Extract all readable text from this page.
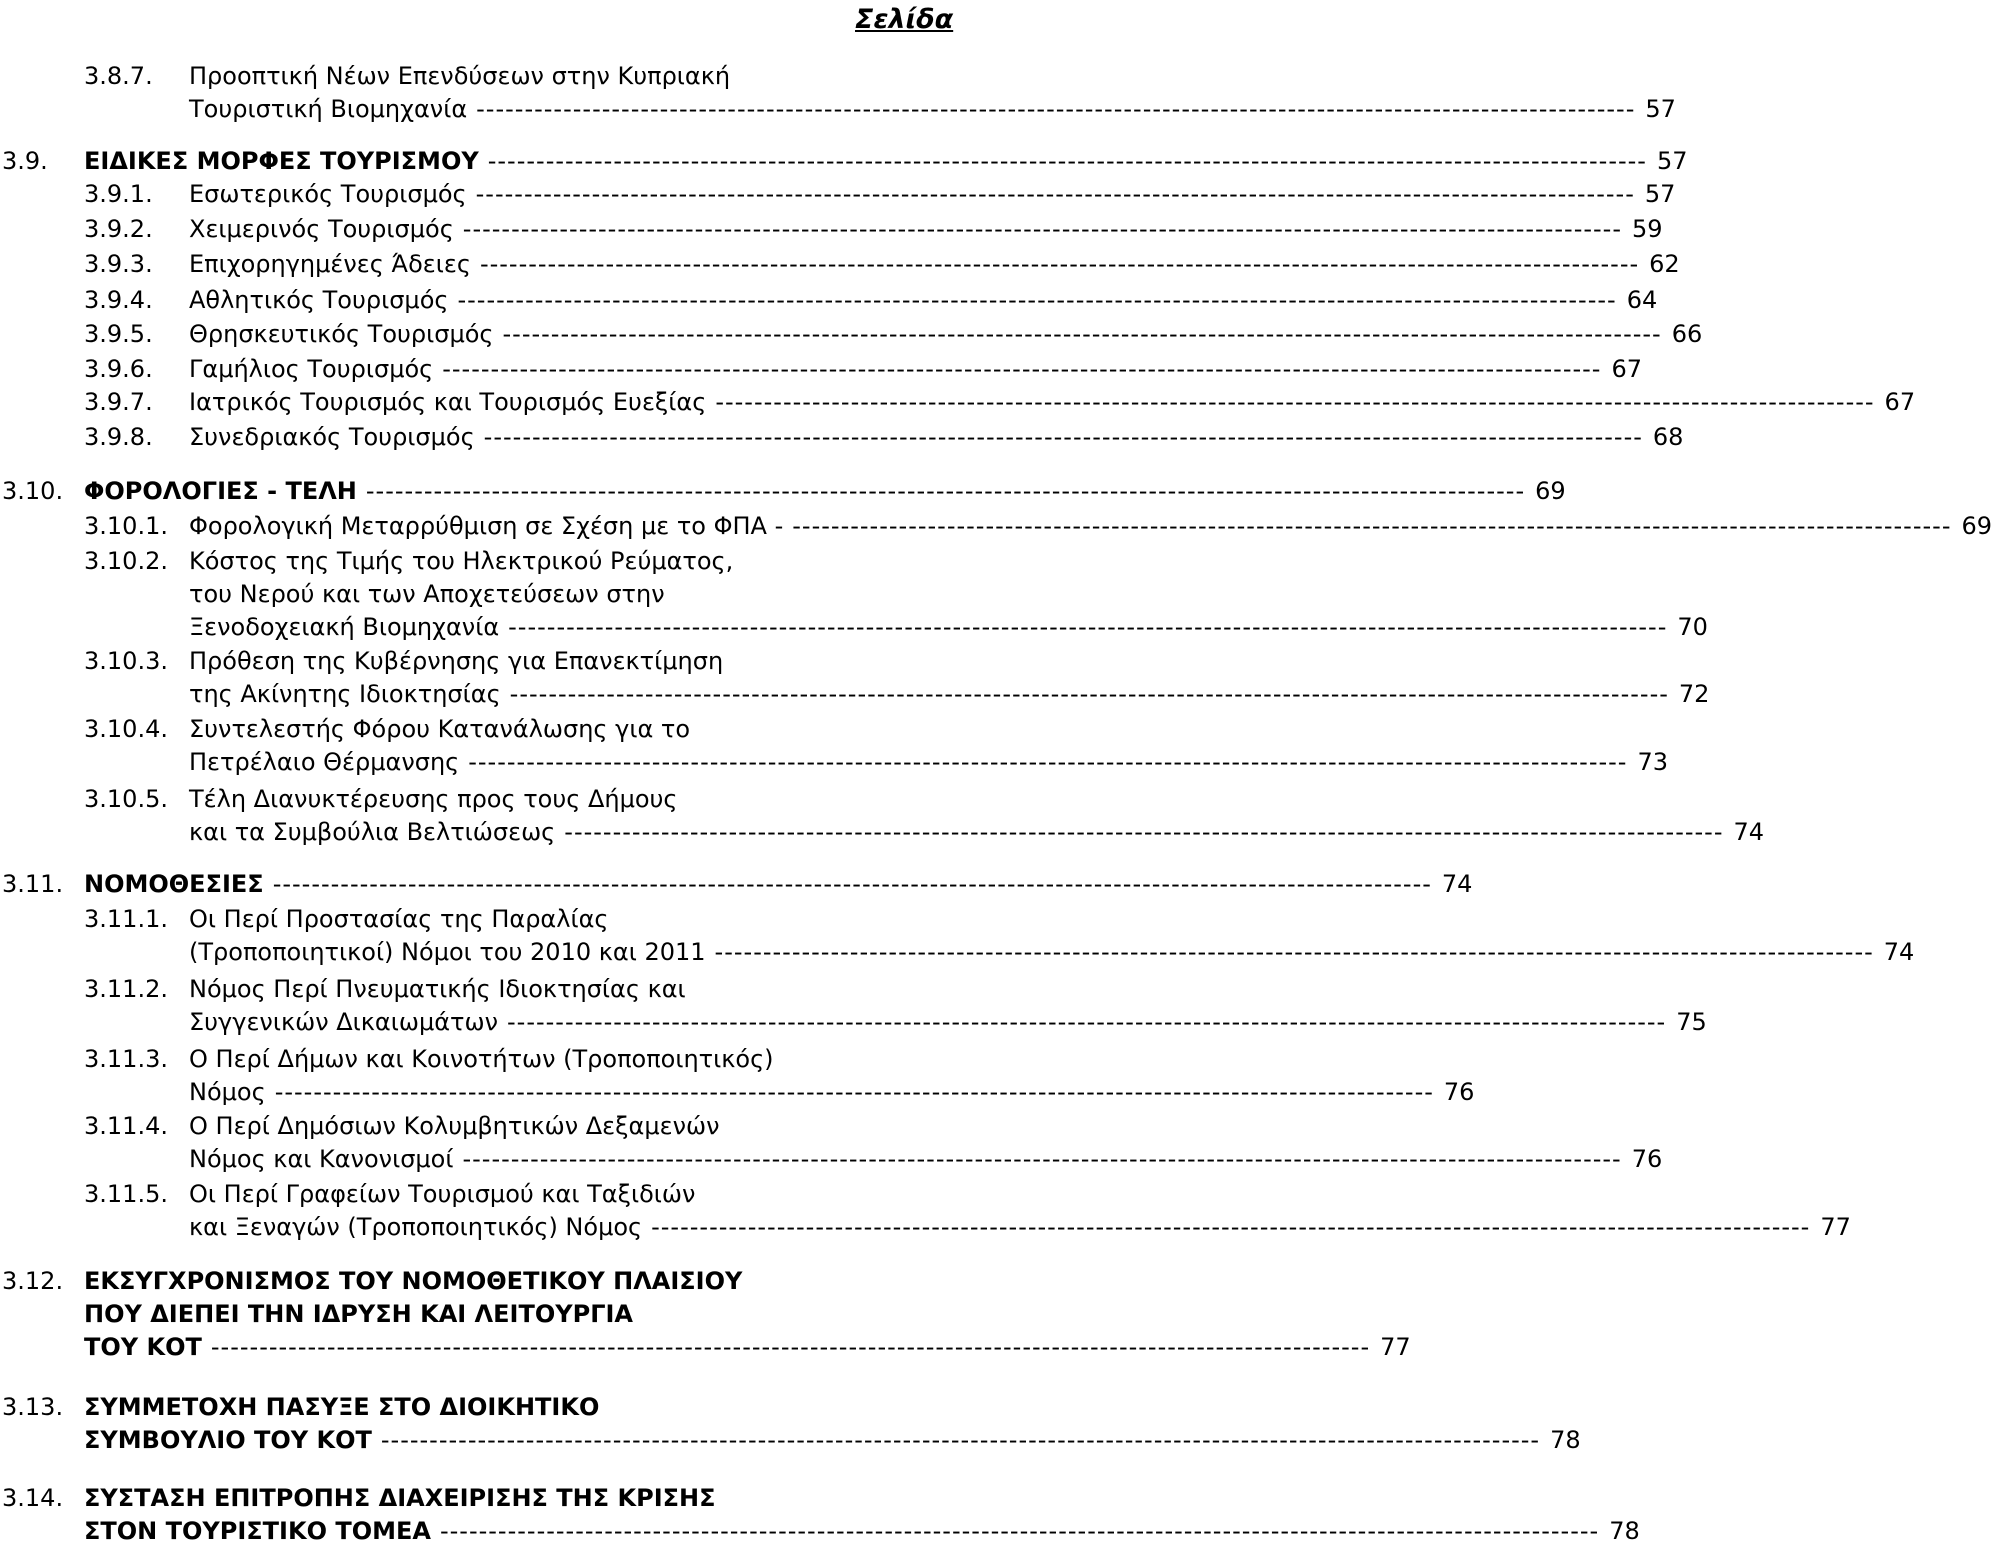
Σελίδα
3.8.7. Προοπτική Νέων Επενδύσεων στην Κυπριακή
Τουριστική Βιομηχανία ------------------------------------------------------------------------------------------------------------------------ 57
3.9. ΕΙΔΙΚΕΣ ΜΟΡΦΕΣ ΤΟΥΡΙΣΜΟΥ ------------------------------------------------------------------------------------------------------------------------ 57
3.9.1. Εσωτερικός Τουρισμός ------------------------------------------------------------------------------------------------------------------------ 57
3.9.2. Χειμερινός Τουρισμός ------------------------------------------------------------------------------------------------------------------------ 59
3.9.3. Επιχορηγημένες Άδειες ------------------------------------------------------------------------------------------------------------------------ 62
3.9.4. Αθλητικός Τουρισμός ------------------------------------------------------------------------------------------------------------------------ 64
3.9.5. Θρησκευτικός Τουρισμός ------------------------------------------------------------------------------------------------------------------------ 66
3.9.6. Γαμήλιος Τουρισμός ------------------------------------------------------------------------------------------------------------------------ 67
3.9.7. Ιατρικός Τουρισμός και Τουρισμός Ευεξίας ------------------------------------------------------------------------------------------------------------------------ 67
3.9.8. Συνεδριακός Τουρισμός ------------------------------------------------------------------------------------------------------------------------ 68
3.10. ΦΟΡΟΛΟΓΙΕΣ - ΤΕΛΗ ------------------------------------------------------------------------------------------------------------------------ 69
3.10.1. Φορολογική Μεταρρύθμιση σε Σχέση με το ΦΠΑ - ------------------------------------------------------------------------------------------------------------------------ 69
3.10.2. Κόστος της Τιμής του Ηλεκτρικού Ρεύματος,
του Νερού και των Αποχετεύσεων στην
Ξενοδοχειακή Βιομηχανία ------------------------------------------------------------------------------------------------------------------------ 70
3.10.3. Πρόθεση της Κυβέρνησης για Επανεκτίμηση
της Ακίνητης Ιδιοκτησίας ------------------------------------------------------------------------------------------------------------------------ 72
3.10.4. Συντελεστής Φόρου Κατανάλωσης για το
Πετρέλαιο Θέρμανσης ------------------------------------------------------------------------------------------------------------------------ 73
3.10.5. Τέλη Διανυκτέρευσης προς τους Δήμους
και τα Συμβούλια Βελτιώσεως ------------------------------------------------------------------------------------------------------------------------ 74
3.11. ΝΟΜΟΘΕΣΙΕΣ ------------------------------------------------------------------------------------------------------------------------ 74
3.11.1. Οι Περί Προστασίας της Παραλίας
(Τροποποιητικοί) Νόμοι του 2010 και 2011 ------------------------------------------------------------------------------------------------------------------------ 74
3.11.2. Νόμος Περί Πνευματικής Ιδιοκτησίας και
Συγγενικών Δικαιωμάτων ------------------------------------------------------------------------------------------------------------------------ 75
3.11.3. Ο Περί Δήμων και Κοινοτήτων (Τροποποιητικός)
Νόμος ------------------------------------------------------------------------------------------------------------------------ 76
3.11.4. Ο Περί Δημόσιων Κολυμβητικών Δεξαμενών
Νόμος και Κανονισμοί ------------------------------------------------------------------------------------------------------------------------ 76
3.11.5. Οι Περί Γραφείων Τουρισμού και Ταξιδιών
και Ξεναγών (Τροποποιητικός) Νόμος ------------------------------------------------------------------------------------------------------------------------ 77
3.12. ΕΚΣΥΓΧΡΟΝΙΣΜΟΣ ΤΟΥ ΝΟΜΟΘΕΤΙΚΟΥ ΠΛΑΙΣΙΟΥ
ΠΟΥ ΔΙΕΠΕΙ ΤΗΝ ΙΔΡΥΣΗ ΚΑΙ ΛΕΙΤΟΥΡΓΙΑ
ΤΟΥ ΚΟΤ ------------------------------------------------------------------------------------------------------------------------ 77
3.13. ΣΥΜΜΕΤΟΧΗ ΠΑΣΥΞΕ ΣΤΟ ΔΙΟΙΚΗΤΙΚΟ
ΣΥΜΒΟΥΛΙΟ ΤΟΥ ΚΟΤ ------------------------------------------------------------------------------------------------------------------------ 78
3.14. ΣΥΣΤΑΣΗ ΕΠΙΤΡΟΠΗΣ ΔΙΑΧΕΙΡΙΣΗΣ ΤΗΣ ΚΡΙΣΗΣ
ΣΤΟΝ ΤΟΥΡΙΣΤΙΚΟ ΤΟΜΕΑ ------------------------------------------------------------------------------------------------------------------------ 78
